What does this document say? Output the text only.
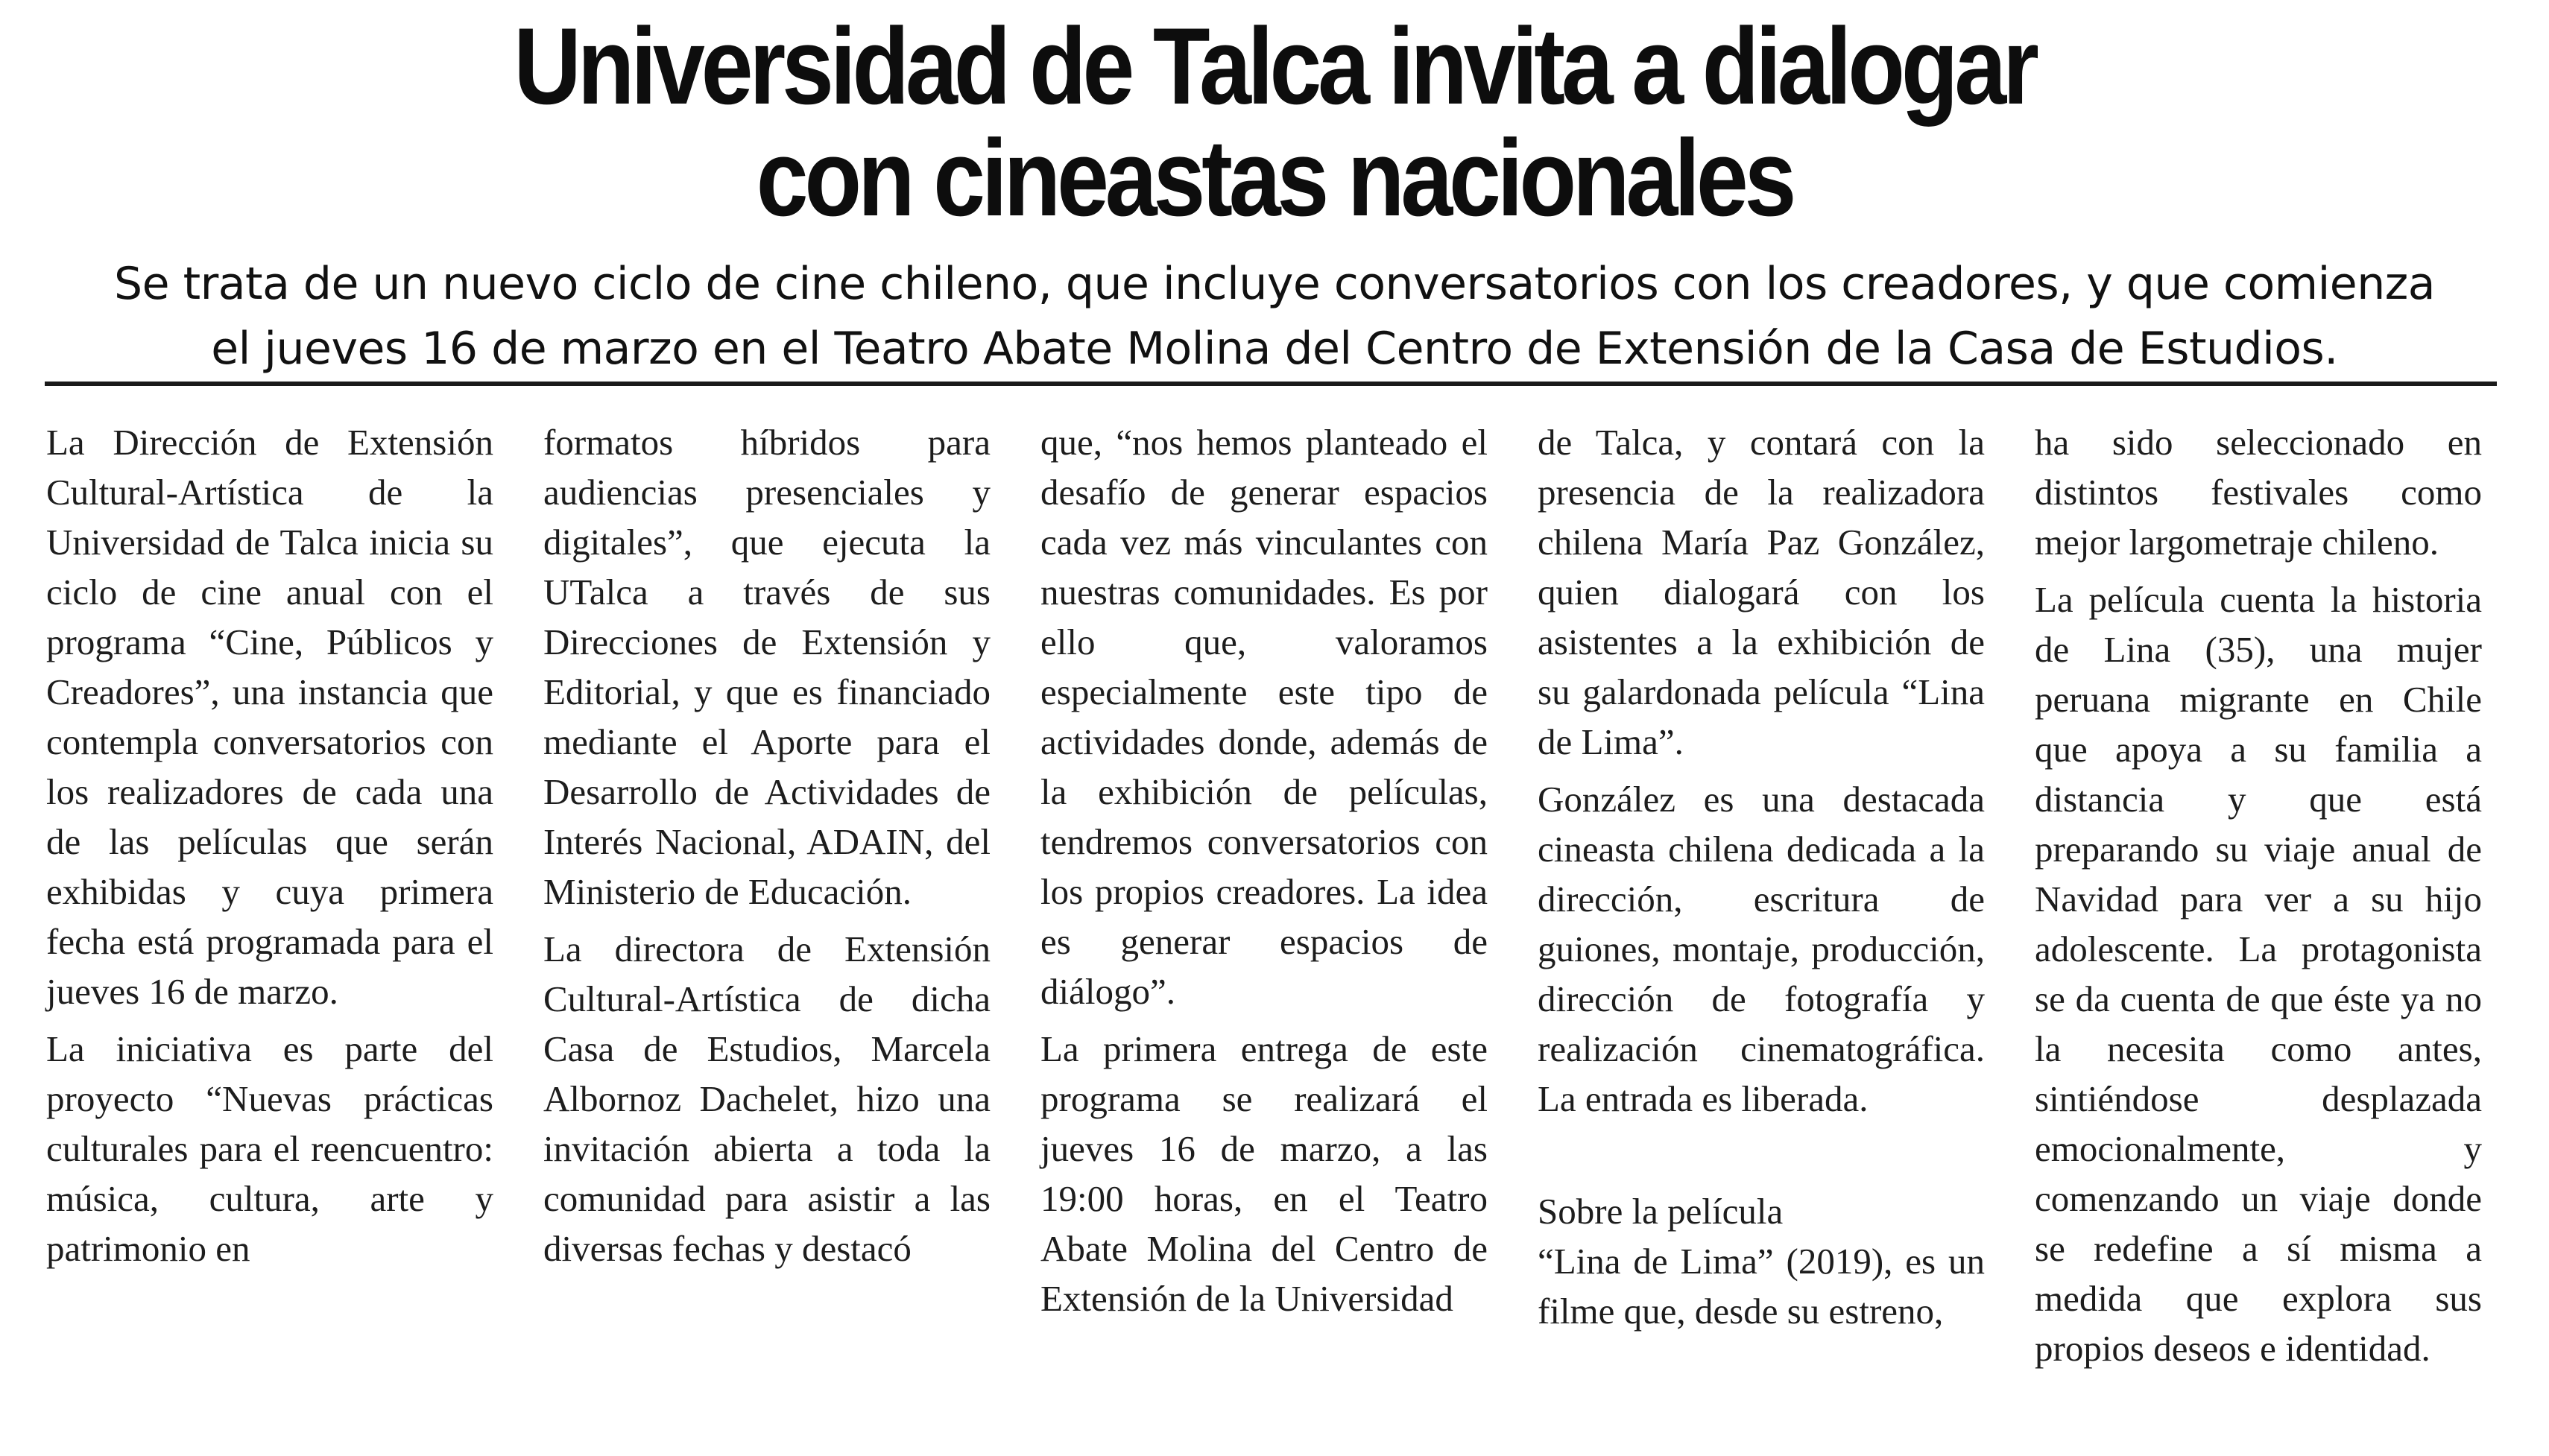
Universidad de Talca invita a dialogar
con cineastas nacionales
Se trata de un nuevo ciclo de cine chileno, que incluye conversatorios con los creadores, y que comienza
el jueves 16 de marzo en el Teatro Abate Molina del Centro de Extensión de la Casa de Estudios.

La Dirección de Extensión Cultural-Artística de la Universidad de Talca inicia su ciclo de cine anual con el programa “Cine, Públicos y Creadores”, una instancia que contempla conversatorios con los realizadores de cada una de las películas que serán exhibidas y cuya primera fecha está programada para el jueves 16 de marzo.

La iniciativa es parte del proyecto “Nuevas prácticas culturales para el reencuentro: música, cultura, arte y patrimonio en

formatos híbridos para audiencias presenciales y digitales”, que ejecuta la UTalca a través de sus Direcciones de Extensión y Editorial, y que es financiado mediante el Aporte para el Desarrollo de Actividades de Interés Nacional, ADAIN, del Ministerio de Educación.

La directora de Extensión Cultural-Artística de dicha Casa de Estudios, Marcela Albornoz Dachelet, hizo una invitación abierta a toda la comunidad para asistir a las diversas fechas y destacó

que, “nos hemos planteado el desafío de generar espacios cada vez más vinculantes con nuestras comunidades. Es por ello que, valoramos especialmente este tipo de actividades donde, además de la exhibición de películas, tendremos conversatorios con los propios creadores. La idea es generar espacios de diálogo”.

La primera entrega de este programa se realizará el jueves 16 de marzo, a las 19:00 horas, en el Teatro Abate Molina del Centro de Extensión de la Universidad

de Talca, y contará con la presencia de la realizadora chilena María Paz González, quien dialogará con los asistentes a la exhibición de su galardonada película “Lina de Lima”.

González es una destacada cineasta chilena dedicada a la dirección, escritura de guiones, montaje, producción, dirección de fotografía y realización cinematográfica. La entrada es liberada.

Sobre la película

“Lina de Lima” (2019), es un filme que, desde su estreno,

ha sido seleccionado en distintos festivales como mejor largometraje chileno.

La película cuenta la historia de Lina (35), una mujer peruana migrante en Chile que apoya a su familia a distancia y que está preparando su viaje anual de Navidad para ver a su hijo adolescente. La protagonista se da cuenta de que éste ya no la necesita como antes, sintiéndose desplazada emocionalmente, y comenzando un viaje donde se redefine a sí misma a medida que explora sus propios deseos e identidad.
